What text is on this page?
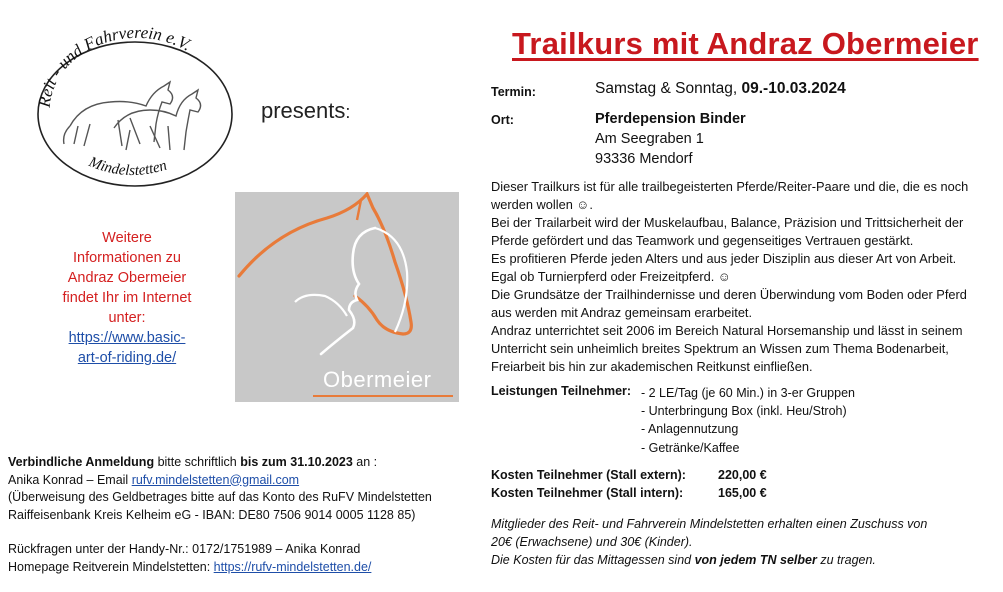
Reit - und Fahrverein e.V.
Mindelstetten
presents:
Obermeier
Weitere
Informationen zu
Andraz Obermeier
findet Ihr im Internet
unter:
https://www.basic-
art-of-riding.de/
Verbindliche Anmeldung bitte schriftlich bis zum 31.10.2023 an :
Anika Konrad – Email rufv.mindelstetten@gmail.com
(Überweisung des Geldbetrages bitte auf das Konto des RuFV Mindelstetten
Raiffeisenbank Kreis Kelheim eG - IBAN: DE80 7506 9014 0005 1128 85)
Rückfragen unter der Handy-Nr.: 0172/1751989 – Anika Konrad
Homepage Reitverein Mindelstetten: https://rufv-mindelstetten.de/
Trailkurs mit Andraz Obermeier
Termin:	Samstag & Sonntag, 09.-10.03.2024
Ort:	Pferdepension Binder
Am Seegraben 1
93336 Mendorf
Dieser Trailkurs ist für alle trailbegeisterten Pferde/Reiter-Paare und die, die es noch werden wollen ☺.
Bei der Trailarbeit wird der Muskelaufbau, Balance, Präzision und Trittsicherheit der Pferde gefördert und das Teamwork und gegenseitiges Vertrauen gestärkt.
Es profitieren Pferde jeden Alters und aus jeder Disziplin aus dieser Art von Arbeit. Egal ob Turnierpferd oder Freizeitpferd. ☺
Die Grundsätze der Trailhindernisse und deren Überwindung vom Boden oder Pferd aus werden mit Andraz gemeinsam erarbeitet.
Andraz unterrichtet seit 2006 im Bereich Natural Horsemanship und lässt in seinem Unterricht sein unheimlich breites Spektrum an Wissen zum Thema Bodenarbeit, Freiarbeit bis hin zur akademischen Reitkunst einfließen.
Leistungen Teilnehmer: - 2 LE/Tag (je 60 Min.) in 3-er Gruppen
- Unterbringung Box (inkl. Heu/Stroh)
- Anlagennutzung
- Getränke/Kaffee
Kosten Teilnehmer (Stall extern):	220,00 €
Kosten Teilnehmer (Stall intern):	165,00 €
Mitglieder des Reit- und Fahrverein Mindelstetten erhalten einen Zuschuss von
20€ (Erwachsene) und 30€ (Kinder).
Die Kosten für das Mittagessen sind von jedem TN selber zu tragen.
